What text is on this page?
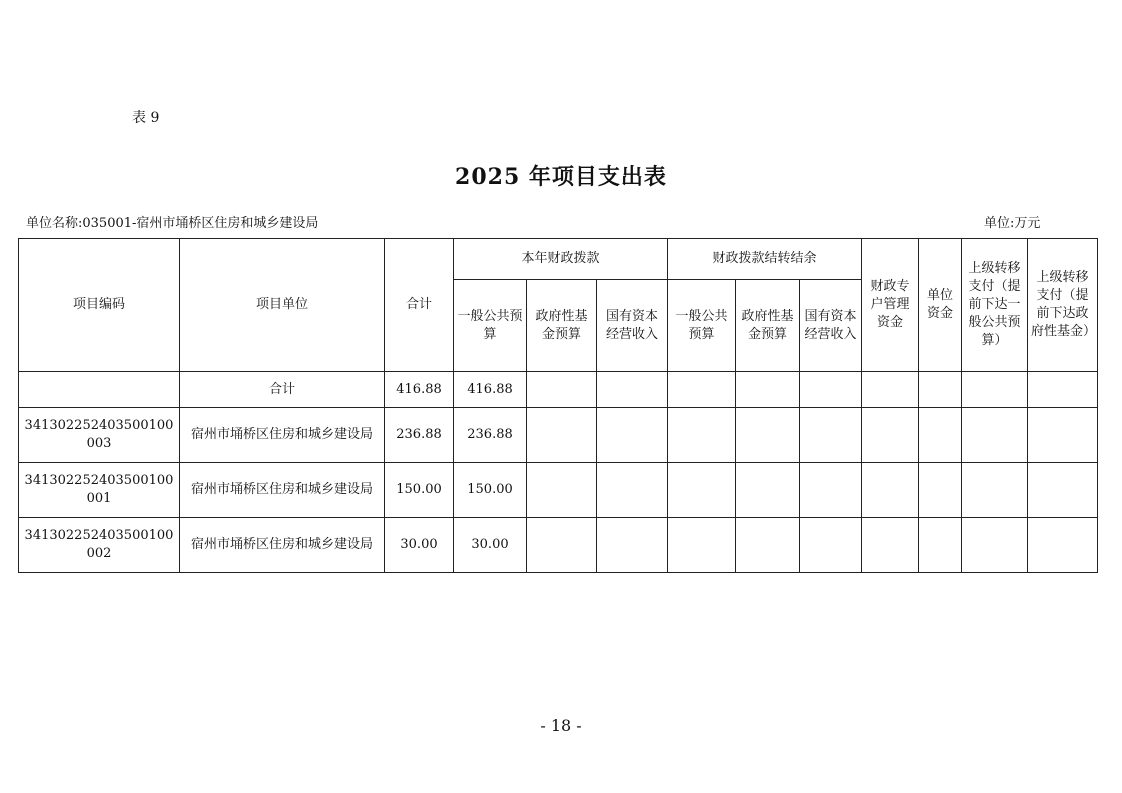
表 9
2025 年项目支出表
单位名称:035001-宿州市埇桥区住房和城乡建设局	单位:万元
项目编码	项目单位	合计	本年财政拨款			财政拨款结转结余			财政专户管理资金	单位资金	上级转移支付（提前下达一般公共预算）	上级转移支付（提前下达政府性基金）
			一般公共预算	政府性基金预算	国有资本经营收入	一般公共预算	政府性基金预算	国有资本经营收入				
	合计	416.88	416.88									
341302252403500100003	宿州市埇桥区住房和城乡建设局	236.88	236.88									
341302252403500100001	宿州市埇桥区住房和城乡建设局	150.00	150.00									
341302252403500100002	宿州市埇桥区住房和城乡建设局	30.00	30.00									
- 18 -
